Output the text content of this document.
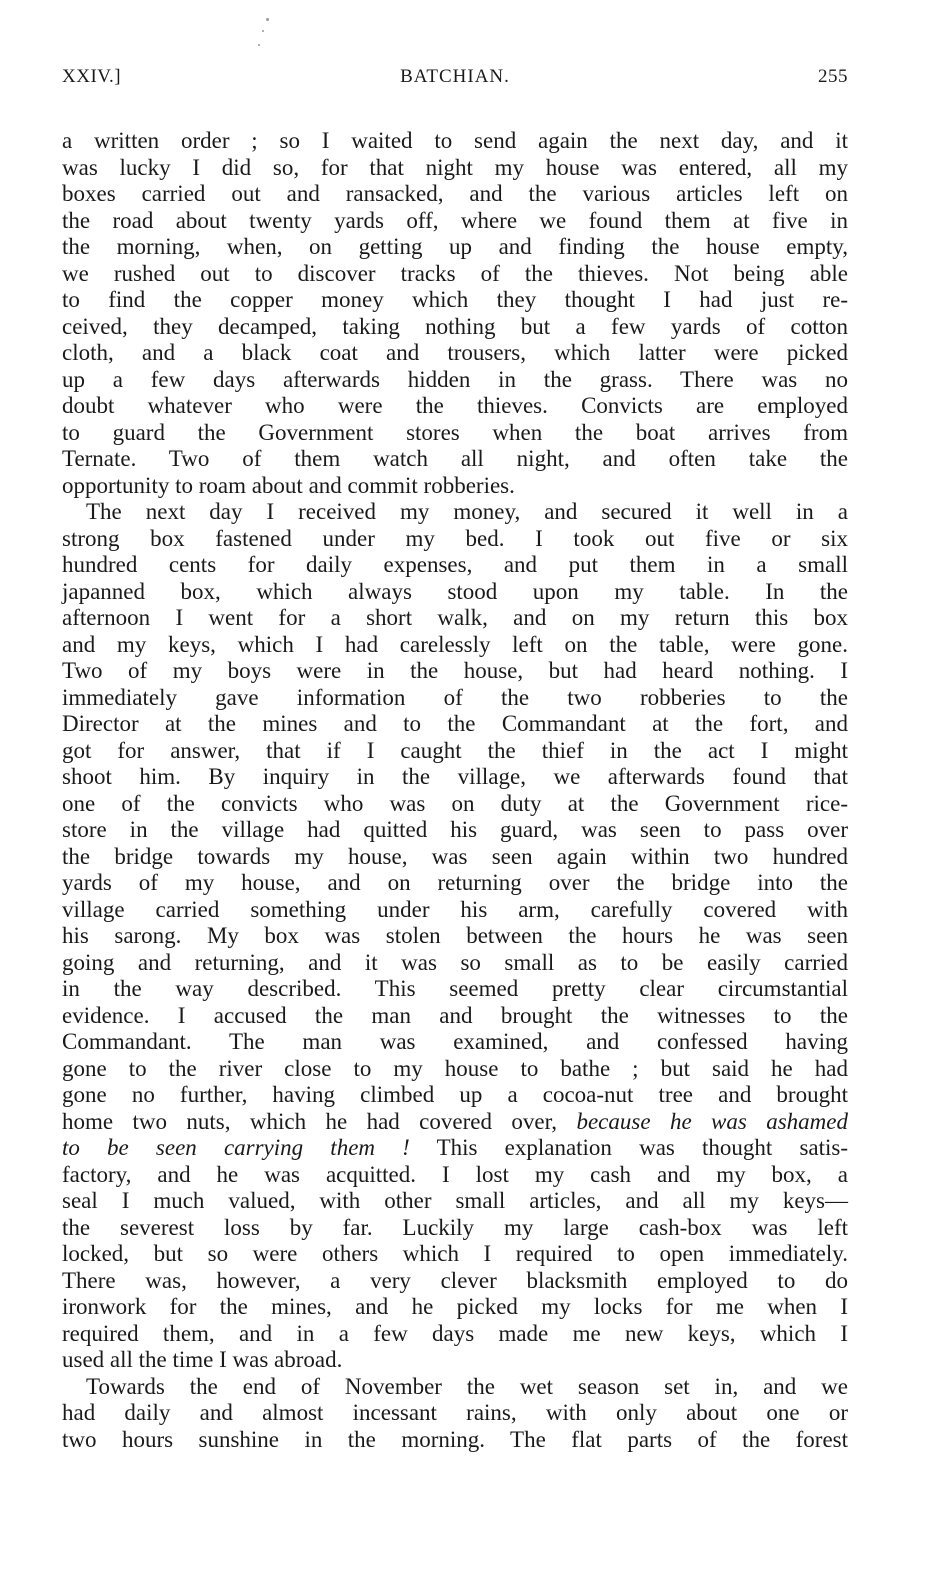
XXIV.]	BATCHIAN.	255
a written order ; so I waited to send again the next day, and it
was lucky I did so, for that night my house was entered, all my
boxes carried out and ransacked, and the various articles left on
the road about twenty yards off, where we found them at five in
the morning, when, on getting up and finding the house empty,
we rushed out to discover tracks of the thieves. Not being able
to find the copper money which they thought I had just re-
ceived, they decamped, taking nothing but a few yards of cotton
cloth, and a black coat and trousers, which latter were picked
up a few days afterwards hidden in the grass. There was no
doubt whatever who were the thieves. Convicts are employed
to guard the Government stores when the boat arrives from
Ternate. Two of them watch all night, and often take the
opportunity to roam about and commit robberies.
The next day I received my money, and secured it well in a
strong box fastened under my bed. I took out five or six
hundred cents for daily expenses, and put them in a small
japanned box, which always stood upon my table. In the
afternoon I went for a short walk, and on my return this box
and my keys, which I had carelessly left on the table, were gone.
Two of my boys were in the house, but had heard nothing. I
immediately gave information of the two robberies to the
Director at the mines and to the Commandant at the fort, and
got for answer, that if I caught the thief in the act I might
shoot him. By inquiry in the village, we afterwards found that
one of the convicts who was on duty at the Government rice-
store in the village had quitted his guard, was seen to pass over
the bridge towards my house, was seen again within two hundred
yards of my house, and on returning over the bridge into the
village carried something under his arm, carefully covered with
his sarong. My box was stolen between the hours he was seen
going and returning, and it was so small as to be easily carried
in the way described. This seemed pretty clear circumstantial
evidence. I accused the man and brought the witnesses to the
Commandant. The man was examined, and confessed having
gone to the river close to my house to bathe ; but said he had
gone no further, having climbed up a cocoa-nut tree and brought
home two nuts, which he had covered over, because he was ashamed
to be seen carrying them ! This explanation was thought satis-
factory, and he was acquitted. I lost my cash and my box, a
seal I much valued, with other small articles, and all my keys—
the severest loss by far. Luckily my large cash-box was left
locked, but so were others which I required to open immediately.
There was, however, a very clever blacksmith employed to do
ironwork for the mines, and he picked my locks for me when I
required them, and in a few days made me new keys, which I
used all the time I was abroad.
Towards the end of November the wet season set in, and we
had daily and almost incessant rains, with only about one or
two hours sunshine in the morning. The flat parts of the forest
